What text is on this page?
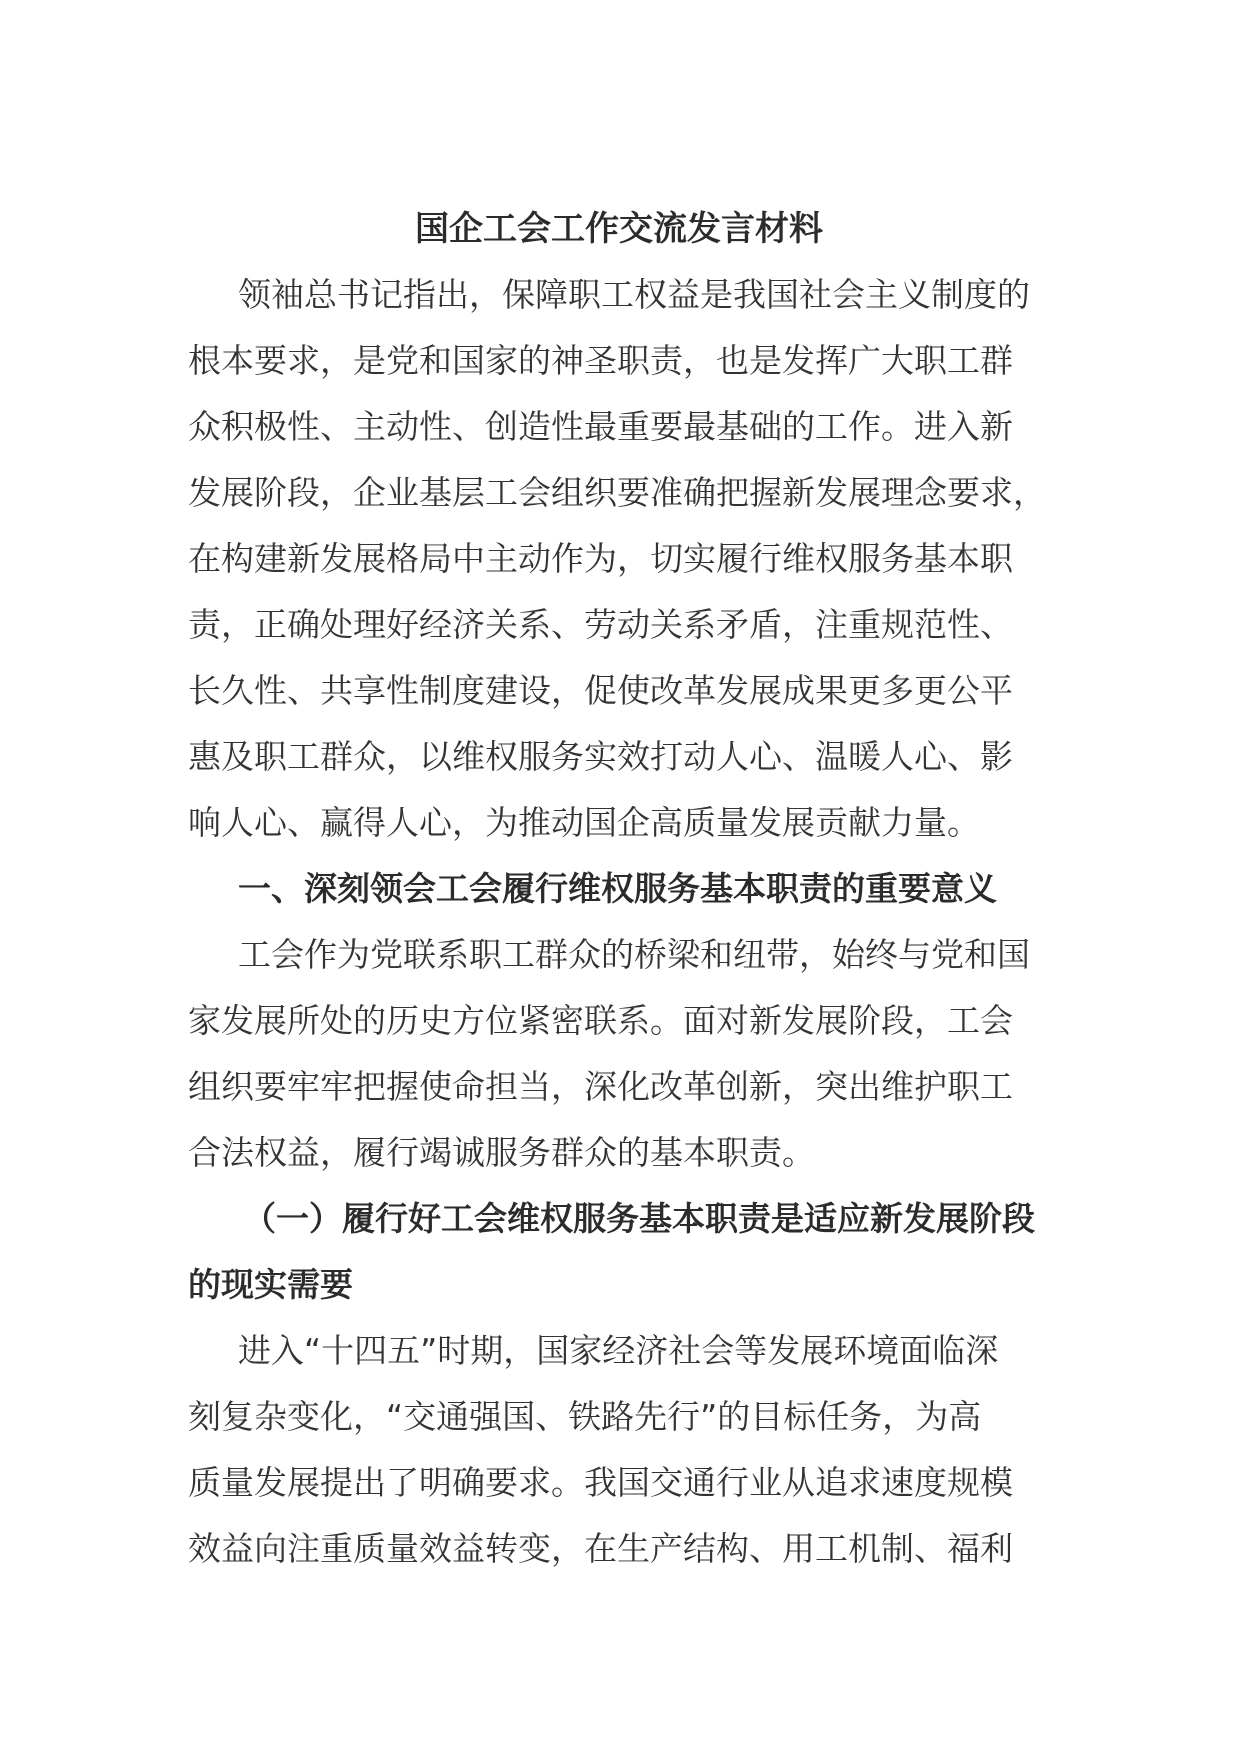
国企工会工作交流发言材料
领袖总书记指出，保障职工权益是我国社会主义制度的
根本要求，是党和国家的神圣职责，也是发挥广大职工群
众积极性、主动性、创造性最重要最基础的工作。进入新
发展阶段，企业基层工会组织要准确把握新发展理念要求，
在构建新发展格局中主动作为，切实履行维权服务基本职
责，正确处理好经济关系、劳动关系矛盾，注重规范性、
长久性、共享性制度建设，促使改革发展成果更多更公平
惠及职工群众，以维权服务实效打动人心、温暖人心、影
响人心、赢得人心，为推动国企高质量发展贡献力量。
一、深刻领会工会履行维权服务基本职责的重要意义
工会作为党联系职工群众的桥梁和纽带，始终与党和国
家发展所处的历史方位紧密联系。面对新发展阶段，工会
组织要牢牢把握使命担当，深化改革创新，突出维护职工
合法权益，履行竭诚服务群众的基本职责。
（一）履行好工会维权服务基本职责是适应新发展阶段
的现实需要
进入“十四五”时期，国家经济社会等发展环境面临深
刻复杂变化，“交通强国、铁路先行”的目标任务，为高
质量发展提出了明确要求。我国交通行业从追求速度规模
效益向注重质量效益转变，在生产结构、用工机制、福利
